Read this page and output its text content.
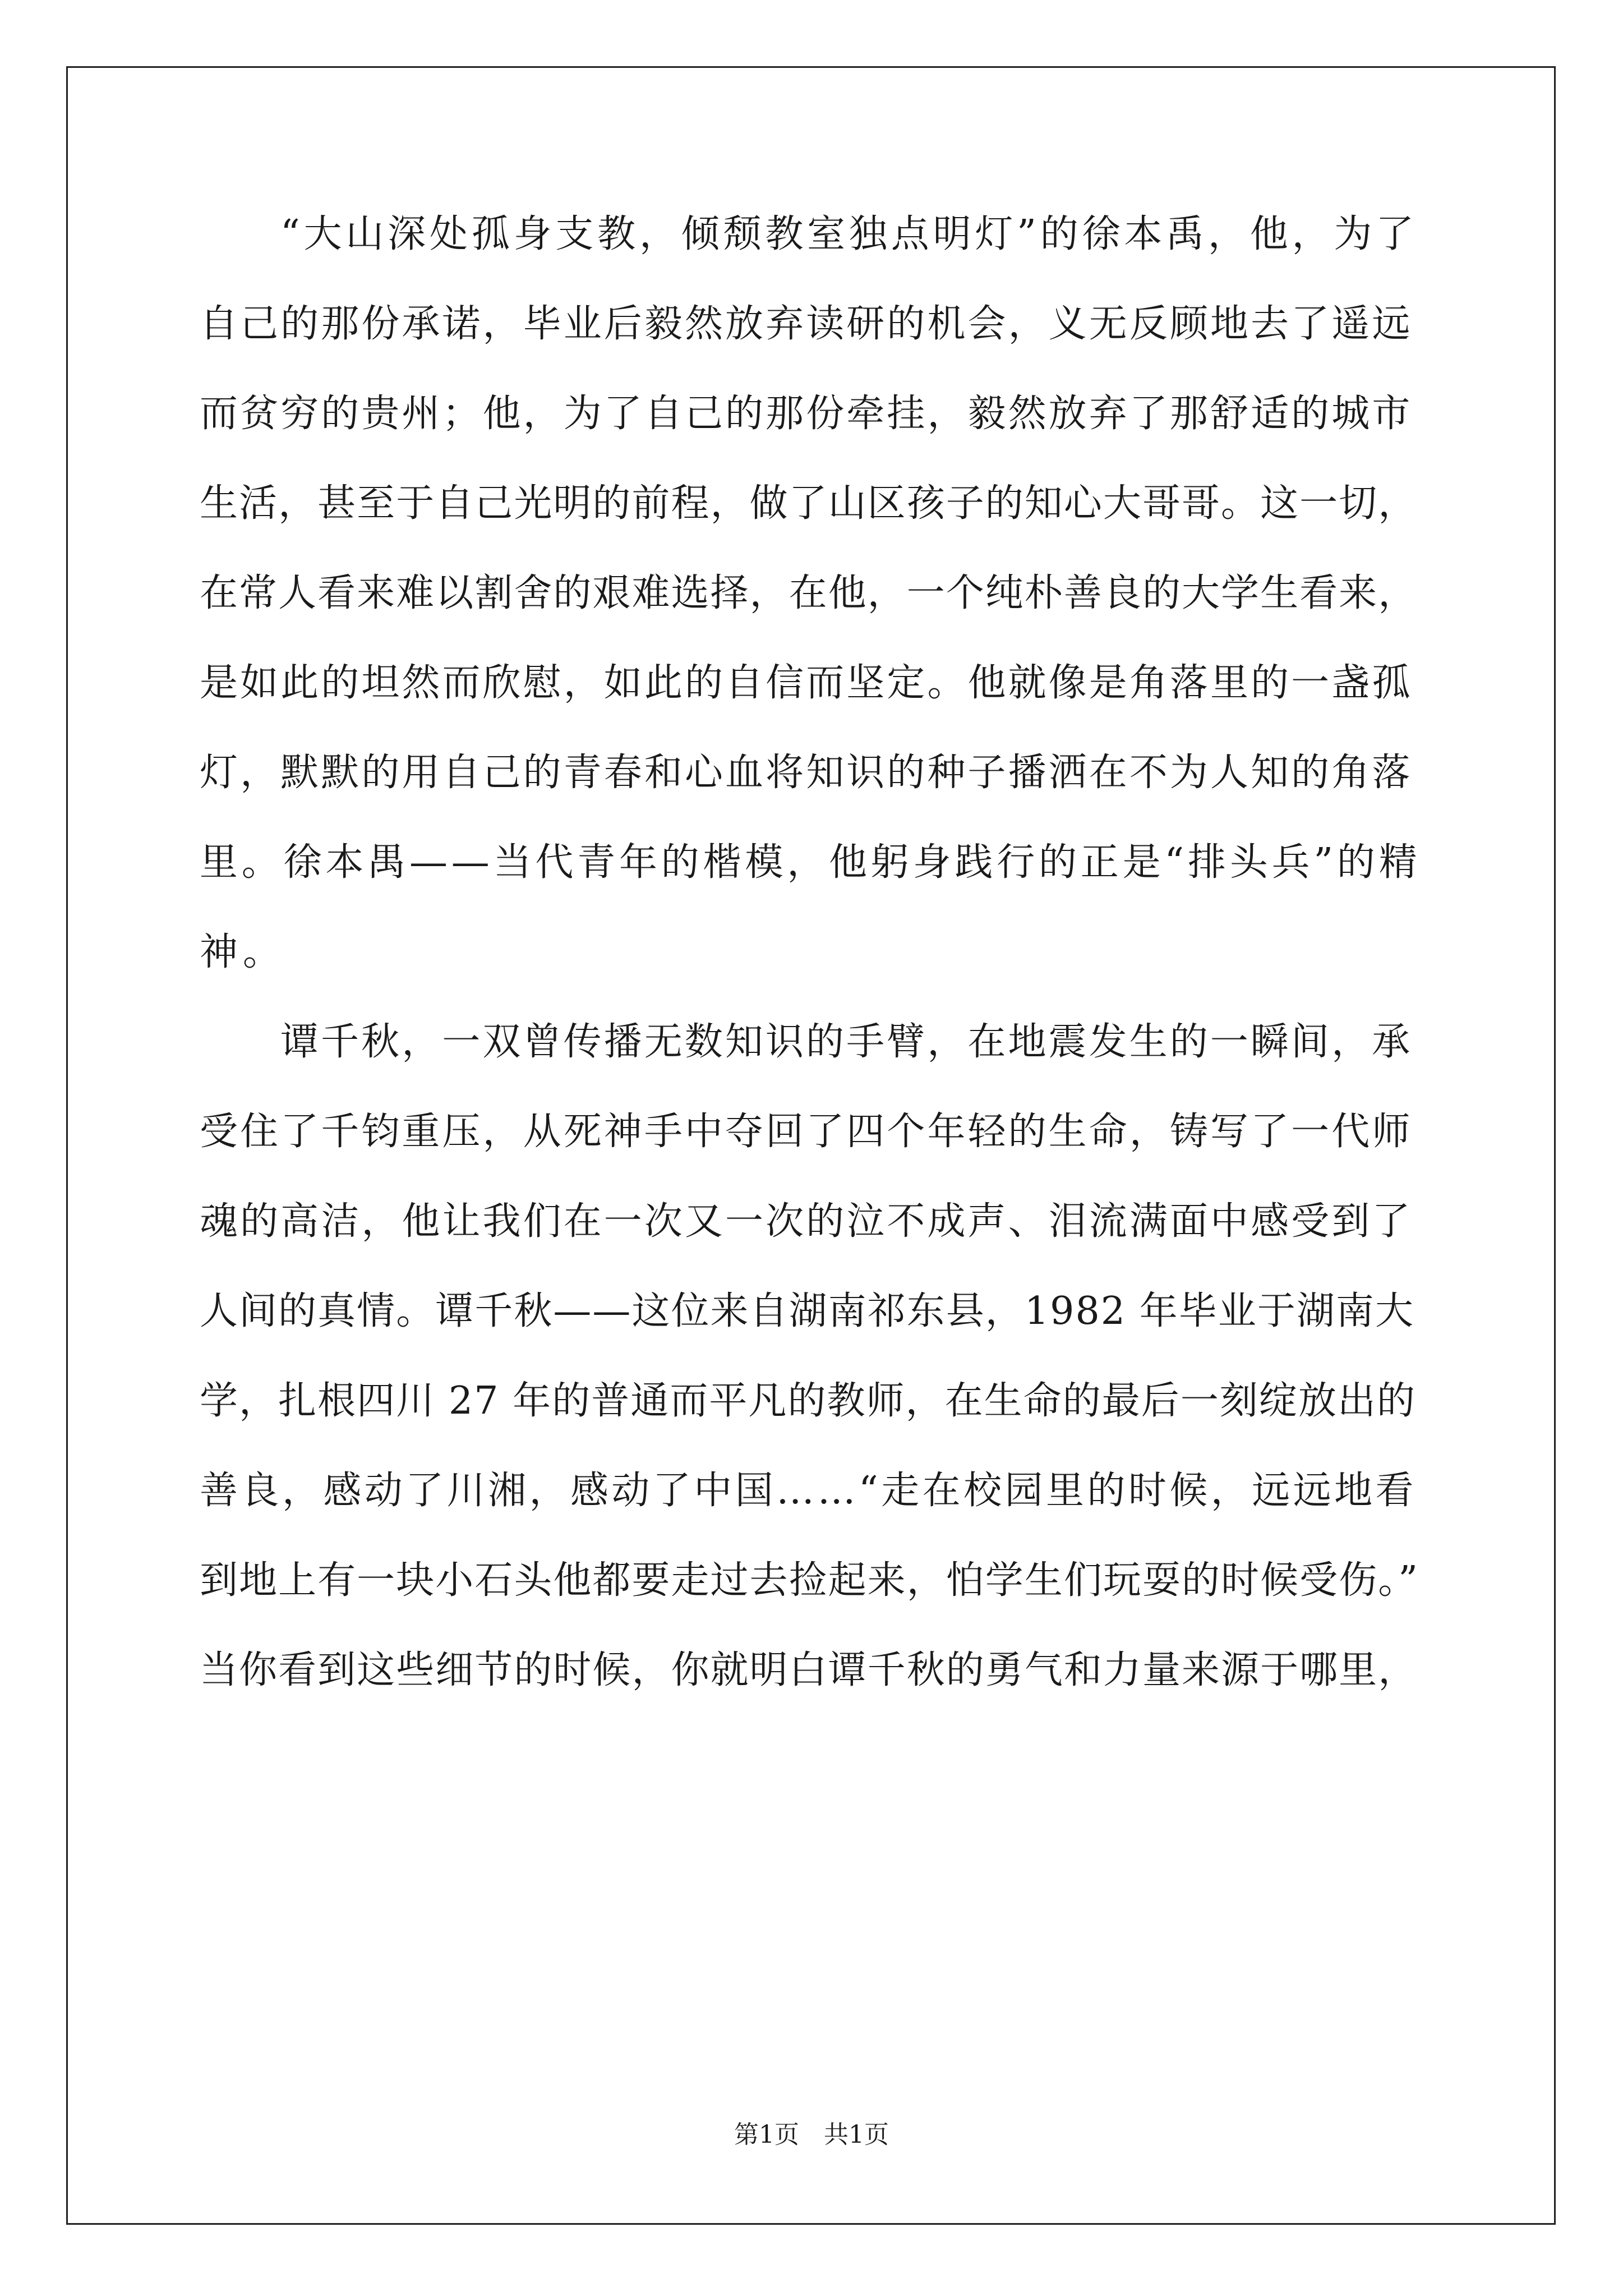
“大山深处孤身支教，倾颓教室独点明灯”的徐本禹，他，为了
自己的那份承诺，毕业后毅然放弃读研的机会，义无反顾地去了遥远
而贫穷的贵州；他，为了自己的那份牵挂，毅然放弃了那舒适的城市
生活，甚至于自己光明的前程，做了山区孩子的知心大哥哥。这一切，
在常人看来难以割舍的艰难选择，在他，一个纯朴善良的大学生看来，
是如此的坦然而欣慰，如此的自信而坚定。他就像是角落里的一盏孤
灯，默默的用自己的青春和心血将知识的种子播洒在不为人知的角落
里。徐本禺——当代青年的楷模，他躬身践行的正是“排头兵”的精
神。
谭千秋，一双曾传播无数知识的手臂，在地震发生的一瞬间，承
受住了千钧重压，从死神手中夺回了四个年轻的生命，铸写了一代师
魂的高洁，他让我们在一次又一次的泣不成声、泪流满面中感受到了
人间的真情。谭千秋——这位来自湖南祁东县，1982 年毕业于湖南大
学，扎根四川 27 年的普通而平凡的教师，在生命的最后一刻绽放出的
善良，感动了川湘，感动了中国……“走在校园里的时候，远远地看
到地上有一块小石头他都要走过去捡起来，怕学生们玩耍的时候受伤。”
当你看到这些细节的时候，你就明白谭千秋的勇气和力量来源于哪里，
第1页　共1页
